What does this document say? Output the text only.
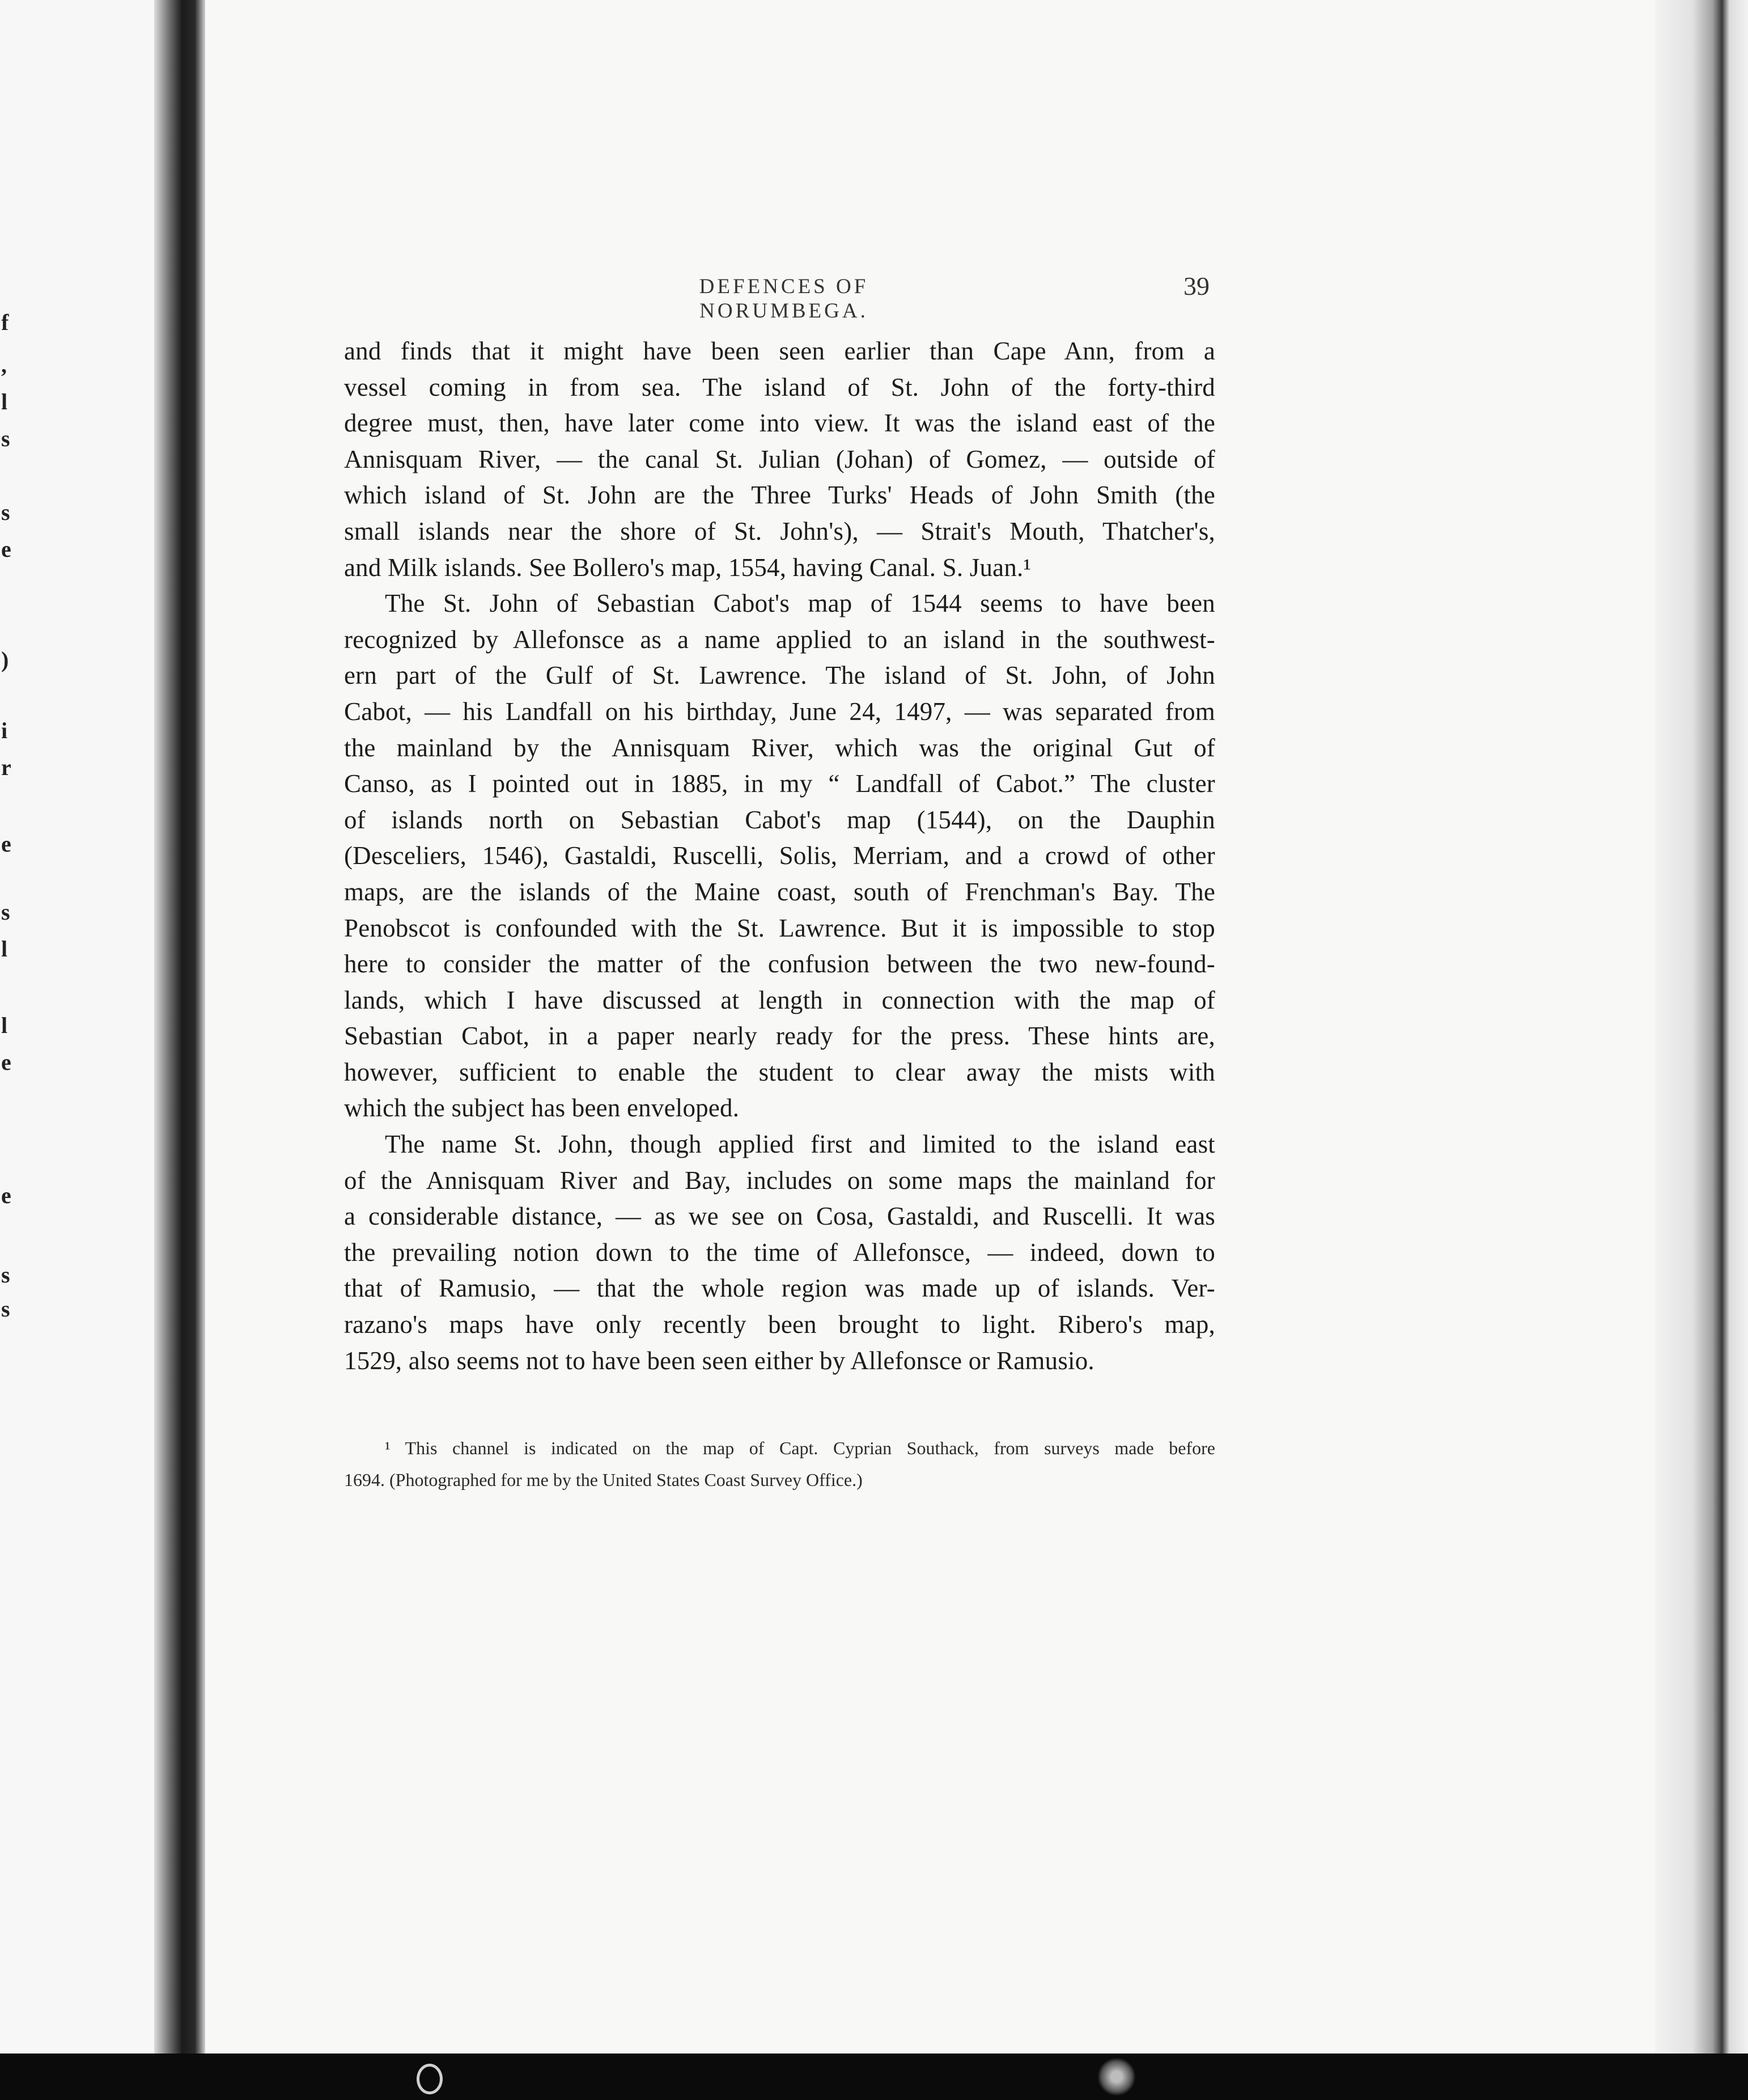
f
,
l
s
s
e
)
i
r
e
s
l
l
e
e
s
s
DEFENCES OF NORUMBEGA.
39
and finds that it might have been seen earlier than Cape Ann, from a
vessel coming in from sea. The island of St. John of the forty-third
degree must, then, have later come into view. It was the island east of the
Annisquam River, — the canal St. Julian (Johan) of Gomez, — outside of
which island of St. John are the Three Turks' Heads of John Smith (the
small islands near the shore of St. John's), — Strait's Mouth, Thatcher's,
and Milk islands. See Bollero's map, 1554, having Canal. S. Juan.¹
The St. John of Sebastian Cabot's map of 1544 seems to have been
recognized by Allefonsce as a name applied to an island in the southwest-
ern part of the Gulf of St. Lawrence. The island of St. John, of John
Cabot, — his Landfall on his birthday, June 24, 1497, — was separated from
the mainland by the Annisquam River, which was the original Gut of
Canso, as I pointed out in 1885, in my “ Landfall of Cabot.” The cluster
of islands north on Sebastian Cabot's map (1544), on the Dauphin
(Desceliers, 1546), Gastaldi, Ruscelli, Solis, Merriam, and a crowd of other
maps, are the islands of the Maine coast, south of Frenchman's Bay. The
Penobscot is confounded with the St. Lawrence. But it is impossible to stop
here to consider the matter of the confusion between the two new-found-
lands, which I have discussed at length in connection with the map of
Sebastian Cabot, in a paper nearly ready for the press. These hints are,
however, sufficient to enable the student to clear away the mists with
which the subject has been enveloped.
The name St. John, though applied first and limited to the island east
of the Annisquam River and Bay, includes on some maps the mainland for
a considerable distance, — as we see on Cosa, Gastaldi, and Ruscelli. It was
the prevailing notion down to the time of Allefonsce, — indeed, down to
that of Ramusio, — that the whole region was made up of islands. Ver-
razano's maps have only recently been brought to light. Ribero's map,
1529, also seems not to have been seen either by Allefonsce or Ramusio.
¹ This channel is indicated on the map of Capt. Cyprian Southack, from surveys made before
1694. (Photographed for me by the United States Coast Survey Office.)
